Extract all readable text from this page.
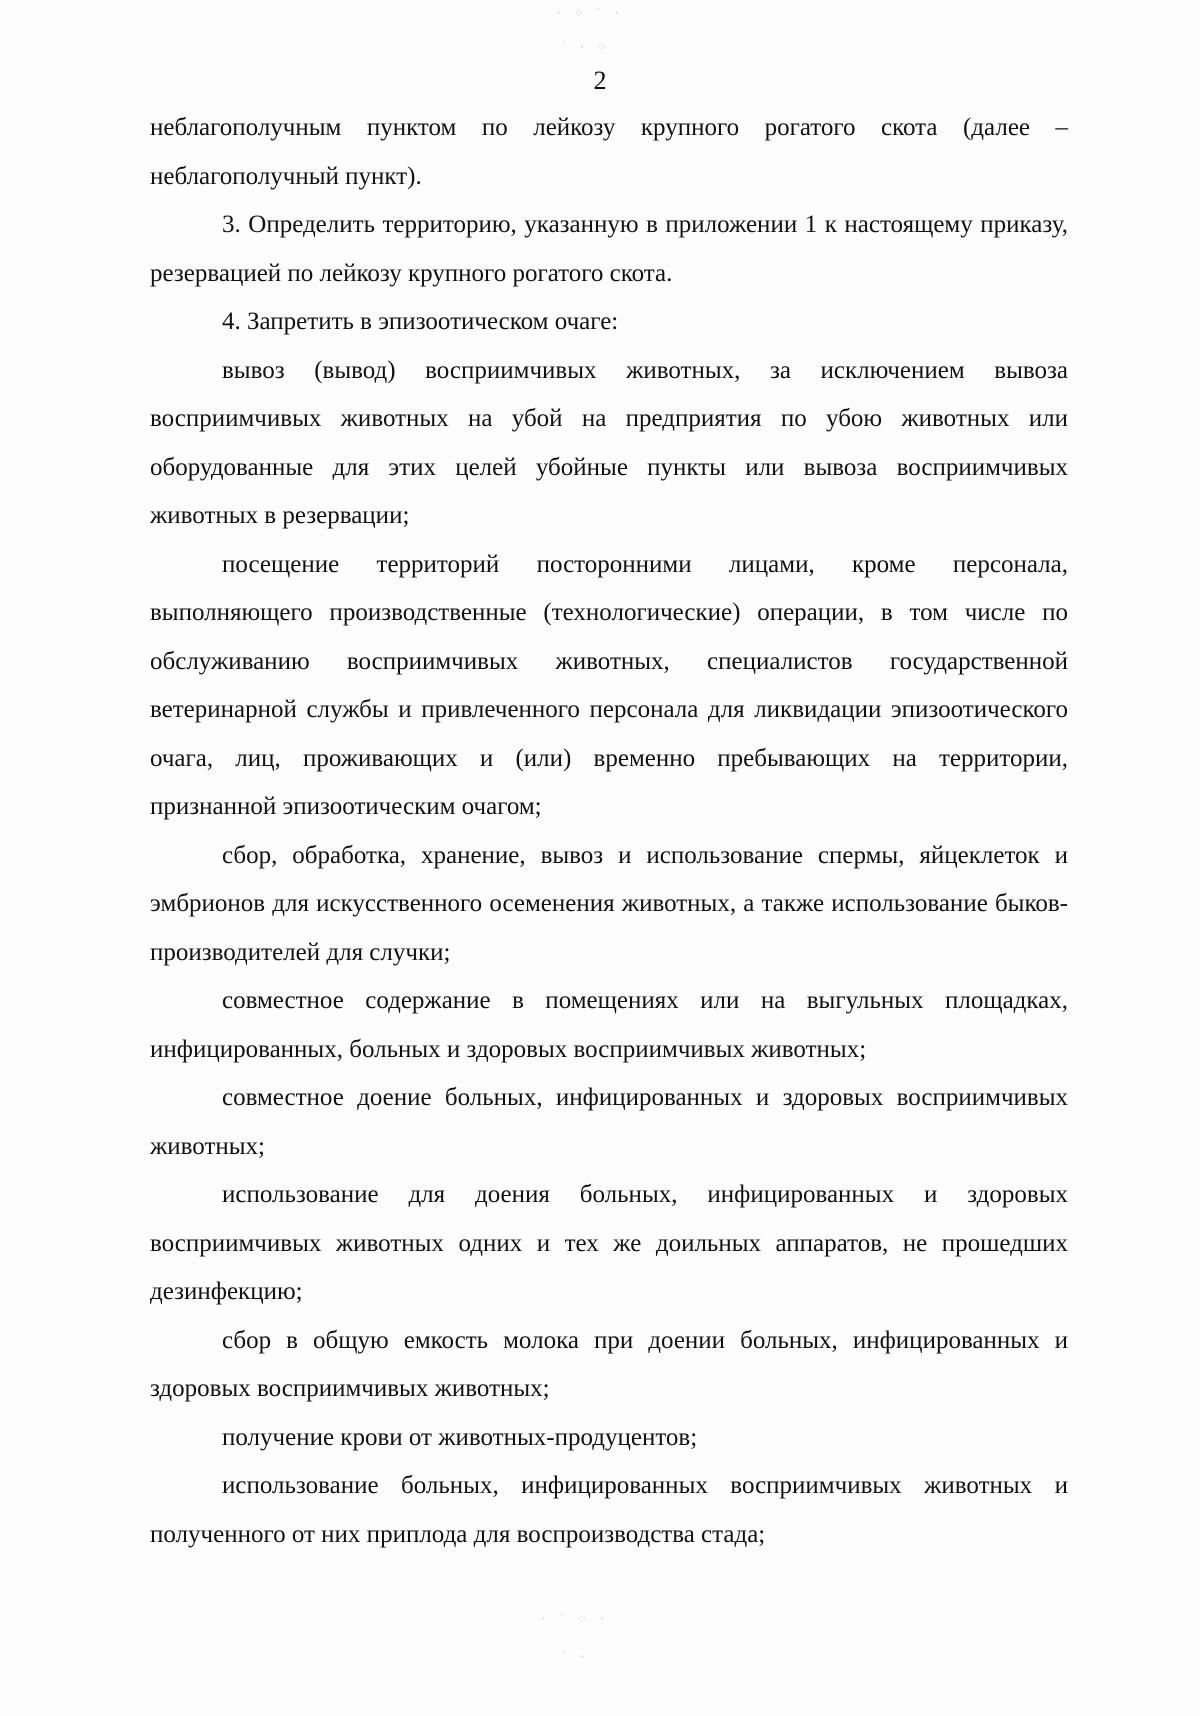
· ⁘ ˙ ·
˙ · ⁘
· ˙ ⁘ ·
˙ ·
2

неблагополучным пунктом по лейкозу крупного рогатого скота (далее – неблагополучный пункт).

3. Определить территорию, указанную в приложении 1 к настоящему приказу, резервацией по лейкозу крупного рогатого скота.

4. Запретить в эпизоотическом очаге:

вывоз (вывод) восприимчивых животных, за исключением вывоза восприимчивых животных на убой на предприятия по убою животных или оборудованные для этих целей убойные пункты или вывоза восприимчивых животных в резервации;

посещение территорий посторонними лицами, кроме персонала, выполняющего производственные (технологические) операции, в том числе по обслуживанию восприимчивых животных, специалистов государственной ветеринарной службы и привлеченного персонала для ликвидации эпизоотического очага, лиц, проживающих и (или) временно пребывающих на территории, признанной эпизоотическим очагом;

сбор, обработка, хранение, вывоз и использование спермы, яйцеклеток и эмбрионов для искусственного осеменения животных, а также использование быков-производителей для случки;

совместное содержание в помещениях или на выгульных площадках, инфицированных, больных и здоровых восприимчивых животных;

совместное доение больных, инфицированных и здоровых восприимчивых животных;

использование для доения больных, инфицированных и здоровых восприимчивых животных одних и тех же доильных аппаратов, не прошедших дезинфекцию;

сбор в общую емкость молока при доении больных, инфицированных и здоровых восприимчивых животных;

получение крови от животных-продуцентов;

использование больных, инфицированных восприимчивых животных и полученного от них приплода для воспроизводства стада;
